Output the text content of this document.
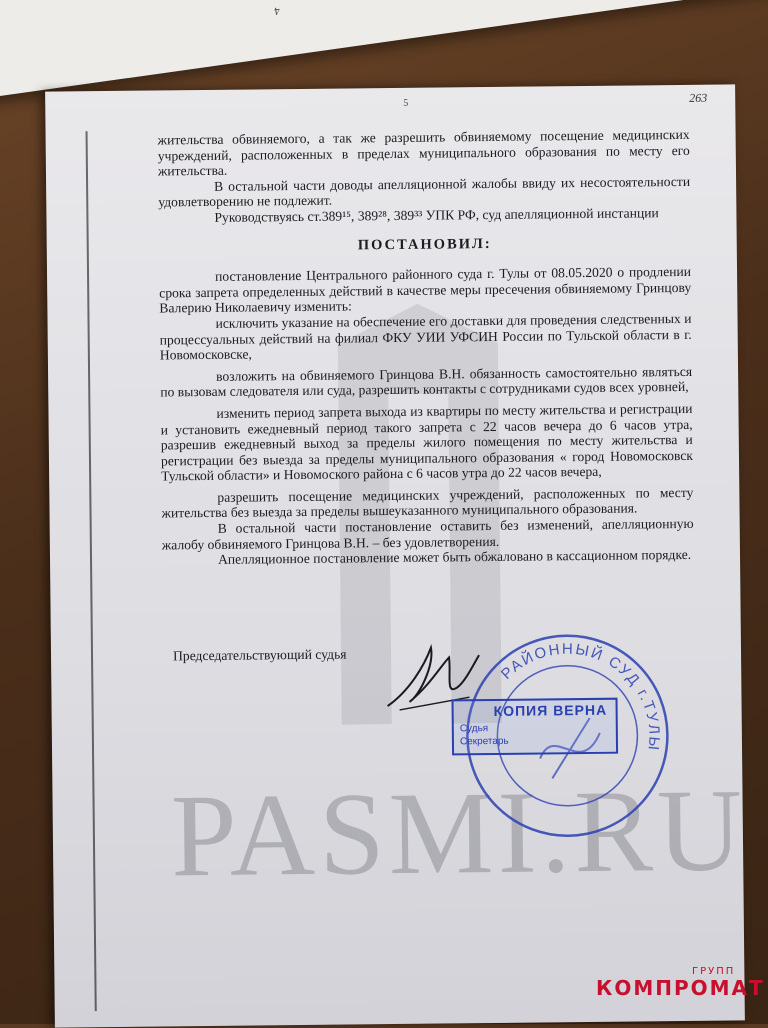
4
5	263

жительства обвиняемого, а так же разрешить обвиняемому посещение медицинских учреждений, расположенных в пределах муниципального образования по месту его жительства.

В остальной части доводы апелляционной жалобы ввиду их несостоятельности удовлетворению не подлежит.

Руководствуясь ст.389¹⁵, 389²⁸, 389³³ УПК РФ, суд апелляционной инстанции

ПОСТАНОВИЛ:

постановление Центрального районного суда г. Тулы от 08.05.2020 о продлении срока запрета определенных действий в качестве меры пресечения обвиняемому Гринцову Валерию Николаевичу изменить:

исключить указание на обеспечение его доставки для проведения следственных и процессуальных действий на филиал ФКУ УИИ УФСИН России по Тульской области в г. Новомосковске,

возложить на обвиняемого Гринцова В.Н. обязанность самостоятельно являться по вызовам следователя или суда, разрешить контакты с сотрудниками судов всех уровней,

изменить период запрета выхода из квартиры по месту жительства и регистрации и установить ежедневный период такого запрета с 22 часов вечера до 6 часов утра, разрешив ежедневный выход за пределы жилого помещения по месту жительства и регистрации без выезда за пределы муниципального образования « город Новомосковск Тульской области» и Новомоского района с 6 часов утра до 22 часов вечера,

разрешить посещение медицинских учреждений, расположенных по месту жительства без выезда за пределы вышеуказанного муниципального образования.

В остальной части постановление оставить без изменений, апелляционную жалобу обвиняемого Гринцова В.Н. – без удовлетворения.

Апелляционное постановление может быть обжаловано в кассационном порядке.

Председательствующий судья
PASMI.RU
РАЙОННЫЙ СУД г.ТУЛЫ
КОПИЯ ВЕРНА
Судья
Секретарь
ГРУПП
КОМПРОМАТ
